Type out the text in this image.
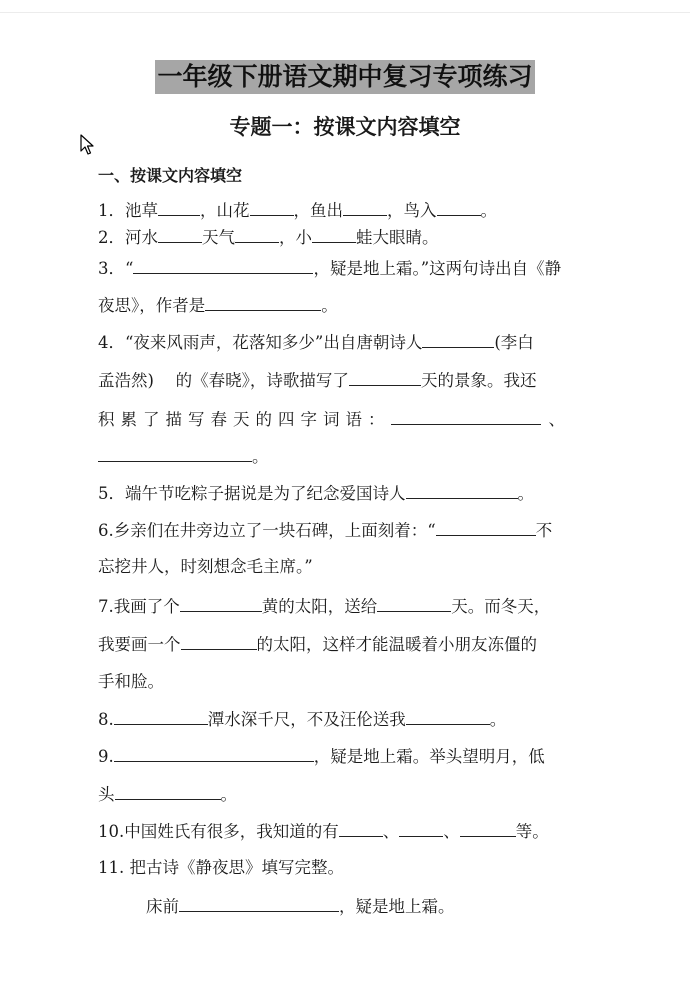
一年级下册语文期中复习专项练习
专题一：按课文内容填空
一、按课文内容填空
1．池草	，山花	，鱼出	，鸟入	。
2．河水	天气	，小	蛙大眼睛。
3．“	，疑是地上霜。”这两句诗出自《静
夜思》，作者是	。
4．“夜来风雨声，花落知多少”出自唐朝诗人	(李白
孟浩然)　 的《春晓》，诗歌描写了	天的景象。我还
积累了描写春天的四字词语：	、
。
5．端午节吃粽子据说是为了纪念爱国诗人	。
6.乡亲们在井旁边立了一块石碑，上面刻着：“	不
忘挖井人，时刻想念毛主席。”
7.我画了个	黄的太阳，送给	天。而冬天，
我要画一个	的太阳，这样才能温暖着小朋友冻僵的
手和脸。
8.	潭水深千尺，不及汪伦送我	。
9.	，疑是地上霜。举头望明月，低
头	。
10.中国姓氏有很多，我知道的有	、	、	等。
11. 把古诗《静夜思》填写完整。
床前	，疑是地上霜。
